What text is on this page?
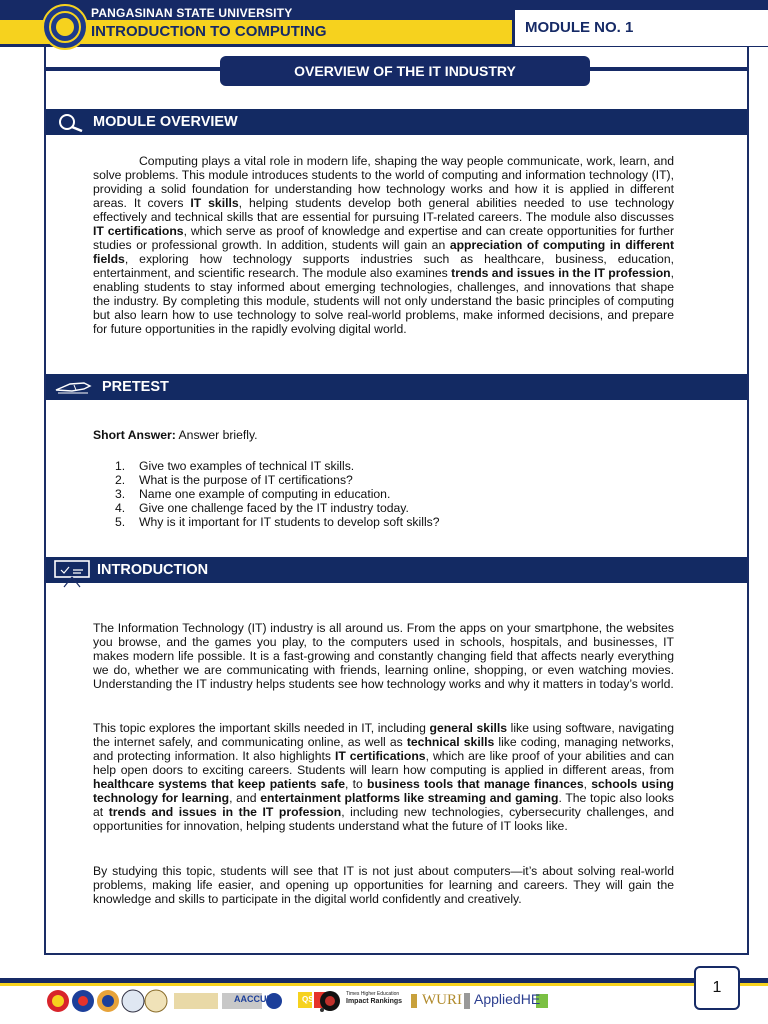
PANGASINAN STATE UNIVERSITY
INTRODUCTION TO COMPUTING	MODULE NO. 1
OVERVIEW OF THE IT INDUSTRY
MODULE OVERVIEW
Computing plays a vital role in modern life, shaping the way people communicate, work, learn, and solve problems. This module introduces students to the world of computing and information technology (IT), providing a solid foundation for understanding how technology works and how it is applied in different areas. It covers IT skills, helping students develop both general abilities needed to use technology effectively and technical skills that are essential for pursuing IT-related careers. The module also discusses IT certifications, which serve as proof of knowledge and expertise and can create opportunities for further studies or professional growth. In addition, students will gain an appreciation of computing in different fields, exploring how technology supports industries such as healthcare, business, education, entertainment, and scientific research. The module also examines trends and issues in the IT profession, enabling students to stay informed about emerging technologies, challenges, and innovations that shape the industry. By completing this module, students will not only understand the basic principles of computing but also learn how to use technology to solve real-world problems, make informed decisions, and prepare for future opportunities in the rapidly evolving digital world.
PRETEST
Short Answer: Answer briefly.
1. Give two examples of technical IT skills.
2. What is the purpose of IT certifications?
3. Name one example of computing in education.
4. Give one challenge faced by the IT industry today.
5. Why is it important for IT students to develop soft skills?
INTRODUCTION
The Information Technology (IT) industry is all around us. From the apps on your smartphone, the websites you browse, and the games you play, to the computers used in schools, hospitals, and businesses, IT makes modern life possible. It is a fast-growing and constantly changing field that affects nearly everything we do, whether we are communicating with friends, learning online, shopping, or even watching movies. Understanding the IT industry helps students see how technology works and why it matters in today’s world.
This topic explores the important skills needed in IT, including general skills like using software, navigating the internet safely, and communicating online, as well as technical skills like coding, managing networks, and protecting information. It also highlights IT certifications, which are like proof of your abilities and can help open doors to exciting careers. Students will learn how computing is applied in different areas, from healthcare systems that keep patients safe, to business tools that manage finances, schools using technology for learning, and entertainment platforms like streaming and gaming. The topic also looks at trends and issues in the IT profession, including new technologies, cybersecurity challenges, and opportunities for innovation, helping students understand what the future of IT looks like.
By studying this topic, students will see that IT is not just about computers—it’s about solving real-world problems, making life easier, and opening up opportunities for learning and careers. They will gain the knowledge and skills to participate in the digital world confidently and creatively.
AACCUP	QS
Times Higher Education
Impact Rankings WURI AppliedHE
1
